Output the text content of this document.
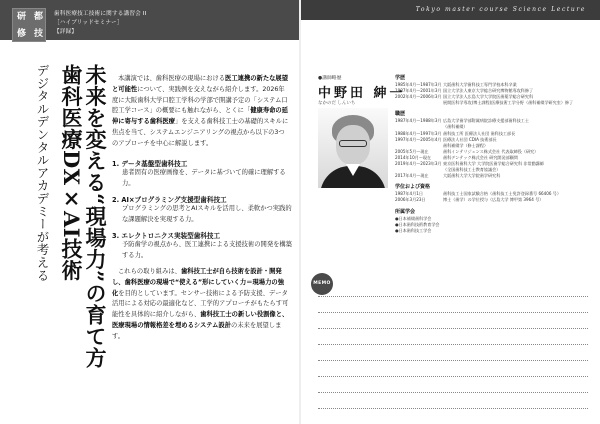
研 都
修 技
歯科医療技工技術に関する講習会 II
［ハイブリッドセミナー］
【詳録】
Tokyo master course Science Lecture
デジタルデンタルアカデミーが考える 歯科医療DX×AI技術 未来を変える“現場力”の育て方	本講演では、歯科医療の現場における医工連携の新たな展望と可能性について、実践例を交えながら紹介します。2026年度に大阪歯科大学口腔工学科の学部で開講予定の「システム口腔工学コース」の概要にも触れながら、とくに「健康寿命の延伸に寄与する歯科医療」を支える歯科技工士の基礎的スキルに焦点を当て、システムエンジニアリングの視点から以下の3つのアプローチを中心に解説します。

1. データ基盤型歯科技工
患者固有の医療画像を、データに基づいて的確に理解する力。
2. AI×プログラミング支援型歯科技工
プログラミングの思考とAIスキルを活用し、柔軟かつ実践的な課題解決を実現する力。
3. エレクトロニクス実装型歯科技工
予防歯学の視点から、医工連携による支援技術の開発を構築する力。

これらの取り組みは、歯科技工士が自ら技術を設計・開発し、歯科医療の現場で“使える”形にしていく力＝現場力の強化を目的としています。センサー技術による予防支援、データ活用による対応の最適化など、工学的アプローチがもたらす可能性を具体的に紹介しながら、歯科技工士の新しい役割像と、医療現場の情報格差を埋めるシステム設計の未来を展望します。

●講師略歴
中野田 紳一
なかのだ しんいち
学歴
1985年4月〜1987年3月 大阪歯科大学歯科技工専門学校本科卒業
1987年4月〜2001年3月 国立大学法人東京大学総合研究博物館専攻科修了
2002年4月〜2006年3月 国立大学法人広島大学大学院医歯薬学総合研究科
展開医科学専攻(博士課程)医療技術工学分野（歯科補綴学研究室）修了
職歴
1987年4月〜1988年3月 広島大学歯学部附属病院診療支援部歯科技工士
（歯科補綴）
1988年4月〜1997年3月 歯科技工所 医療法人社団 歯科技工部長
1997年4月〜2005年4月 医療法人社団 CDIA 技術部長
歯科補綴学（修士課程）
2005年5月〜現在	歯科インテリジェンス株式会社 代表取締役（研究）
2014年10月〜現在	歯科デンテック株式会社 研究開発部顧問
2019年4月〜2023年3月 東京医科歯科大学 大学院医歯学総合研究科 非常勤講師
（全国歯科技工士教育協議会）
2017年4月〜現在	大阪歯科大学大学院歯学研究科
学位および資格
1987年4月1日	歯科技工士国家試験合格（歯科技工士免許登録番号 66406 号）
2006年3月23日	博士（歯学）の学位授与（広島大学 博甲第 3964 号）
所属学会
●日本補綴歯科学会
●日本歯科技術教育学会
●日本歯科技工学会
MEMO
